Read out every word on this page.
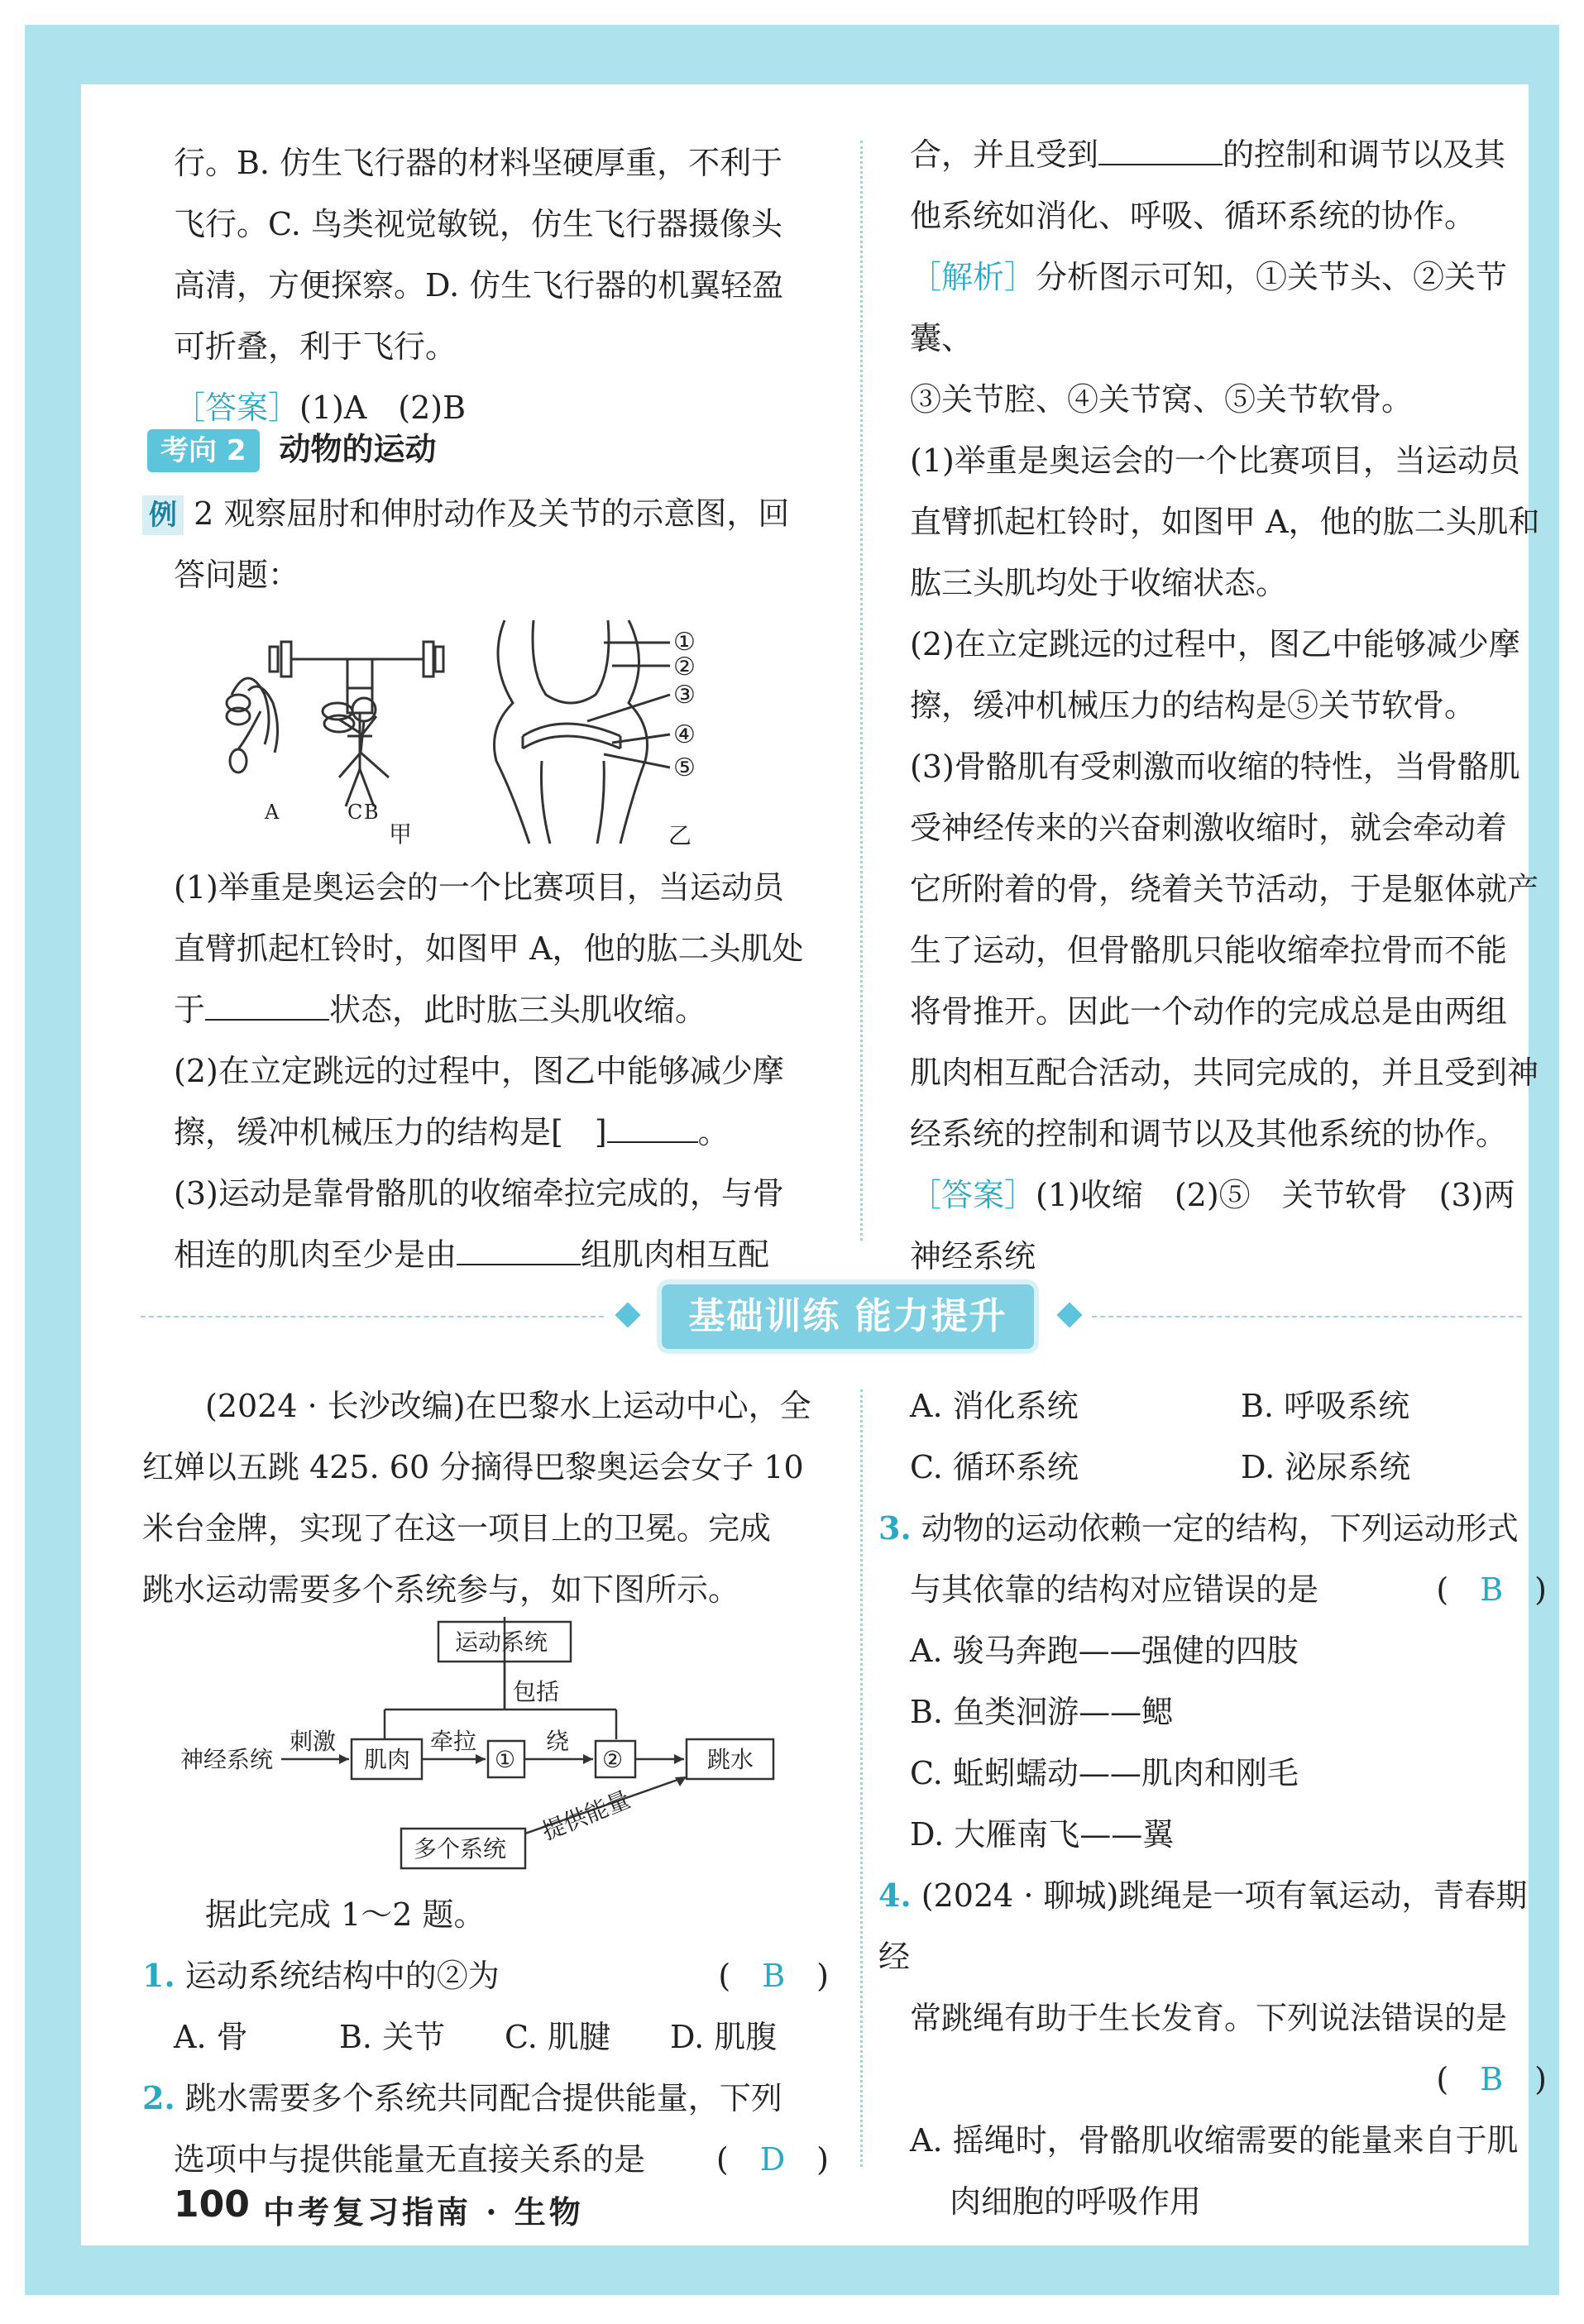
行。B. 仿生飞行器的材料坚硬厚重，不利于

飞行。C. 鸟类视觉敏锐，仿生飞行器摄像头

高清，方便探察。D. 仿生飞行器的机翼轻盈

可折叠，利于飞行。

［答案］(1)A　(2)B

考向 2 动物的运动

例 2 观察屈肘和伸肘动作及关节的示意图，回

答问题：

A	B
C
甲	乙
①
②
③
④
⑤

(1)举重是奥运会的一个比赛项目，当运动员

直臂抓起杠铃时，如图甲 A，他的肱二头肌处

于	状态，此时肱三头肌收缩。

(2)在立定跳远的过程中，图乙中能够减少摩

擦，缓冲机械压力的结构是[　]	。

(3)运动是靠骨骼肌的收缩牵拉完成的，与骨

相连的肌肉至少是由	组肌肉相互配

合，并且受到	的控制和调节以及其

他系统如消化、呼吸、循环系统的协作。

［解析］分析图示可知，①关节头、②关节囊、

③关节腔、④关节窝、⑤关节软骨。

(1)举重是奥运会的一个比赛项目，当运动员

直臂抓起杠铃时，如图甲 A，他的肱二头肌和

肱三头肌均处于收缩状态。

(2)在立定跳远的过程中，图乙中能够减少摩

擦，缓冲机械压力的结构是⑤关节软骨。

(3)骨骼肌有受刺激而收缩的特性，当骨骼肌

受神经传来的兴奋刺激收缩时，就会牵动着

它所附着的骨，绕着关节活动，于是躯体就产

生了运动，但骨骼肌只能收缩牵拉骨而不能

将骨推开。因此一个动作的完成总是由两组

肌肉相互配合活动，共同完成的，并且受到神

经系统的控制和调节以及其他系统的协作。

［答案］(1)收缩　(2)⑤　关节软骨　(3)两

神经系统

基础训练 能力提升

(2024 · 长沙改编)在巴黎水上运动中心，全

红婵以五跳 425. 60 分摘得巴黎奥运会女子 10

米台金牌，实现了在这一项目上的卫冕。完成

跳水运动需要多个系统参与，如下图所示。

运动系统
包括
神经系统
刺激
肌肉
牵拉
①
绕
②	跳水
多个系统
提供能量

据此完成 1～2 题。

1. 运动系统结构中的②为	(　B　)

A. 骨	B. 关节 C. 肌腱 D. 肌腹

2. 跳水需要多个系统共同配合提供能量，下列

选项中与提供能量无直接关系的是 (　D　)

A. 消化系统	B. 呼吸系统

C. 循环系统	D. 泌尿系统

3. 动物的运动依赖一定的结构，下列运动形式

与其依靠的结构对应错误的是	(　B　)

A. 骏马奔跑——强健的四肢

B. 鱼类洄游——鳃

C. 蚯蚓蠕动——肌肉和刚毛

D. 大雁南飞——翼

4. (2024 · 聊城)跳绳是一项有氧运动，青春期经

常跳绳有助于生长发育。下列说法错误的是

(　B　)

A. 摇绳时，骨骼肌收缩需要的能量来自于肌

肉细胞的呼吸作用

100 中考复习指南 · 生物
